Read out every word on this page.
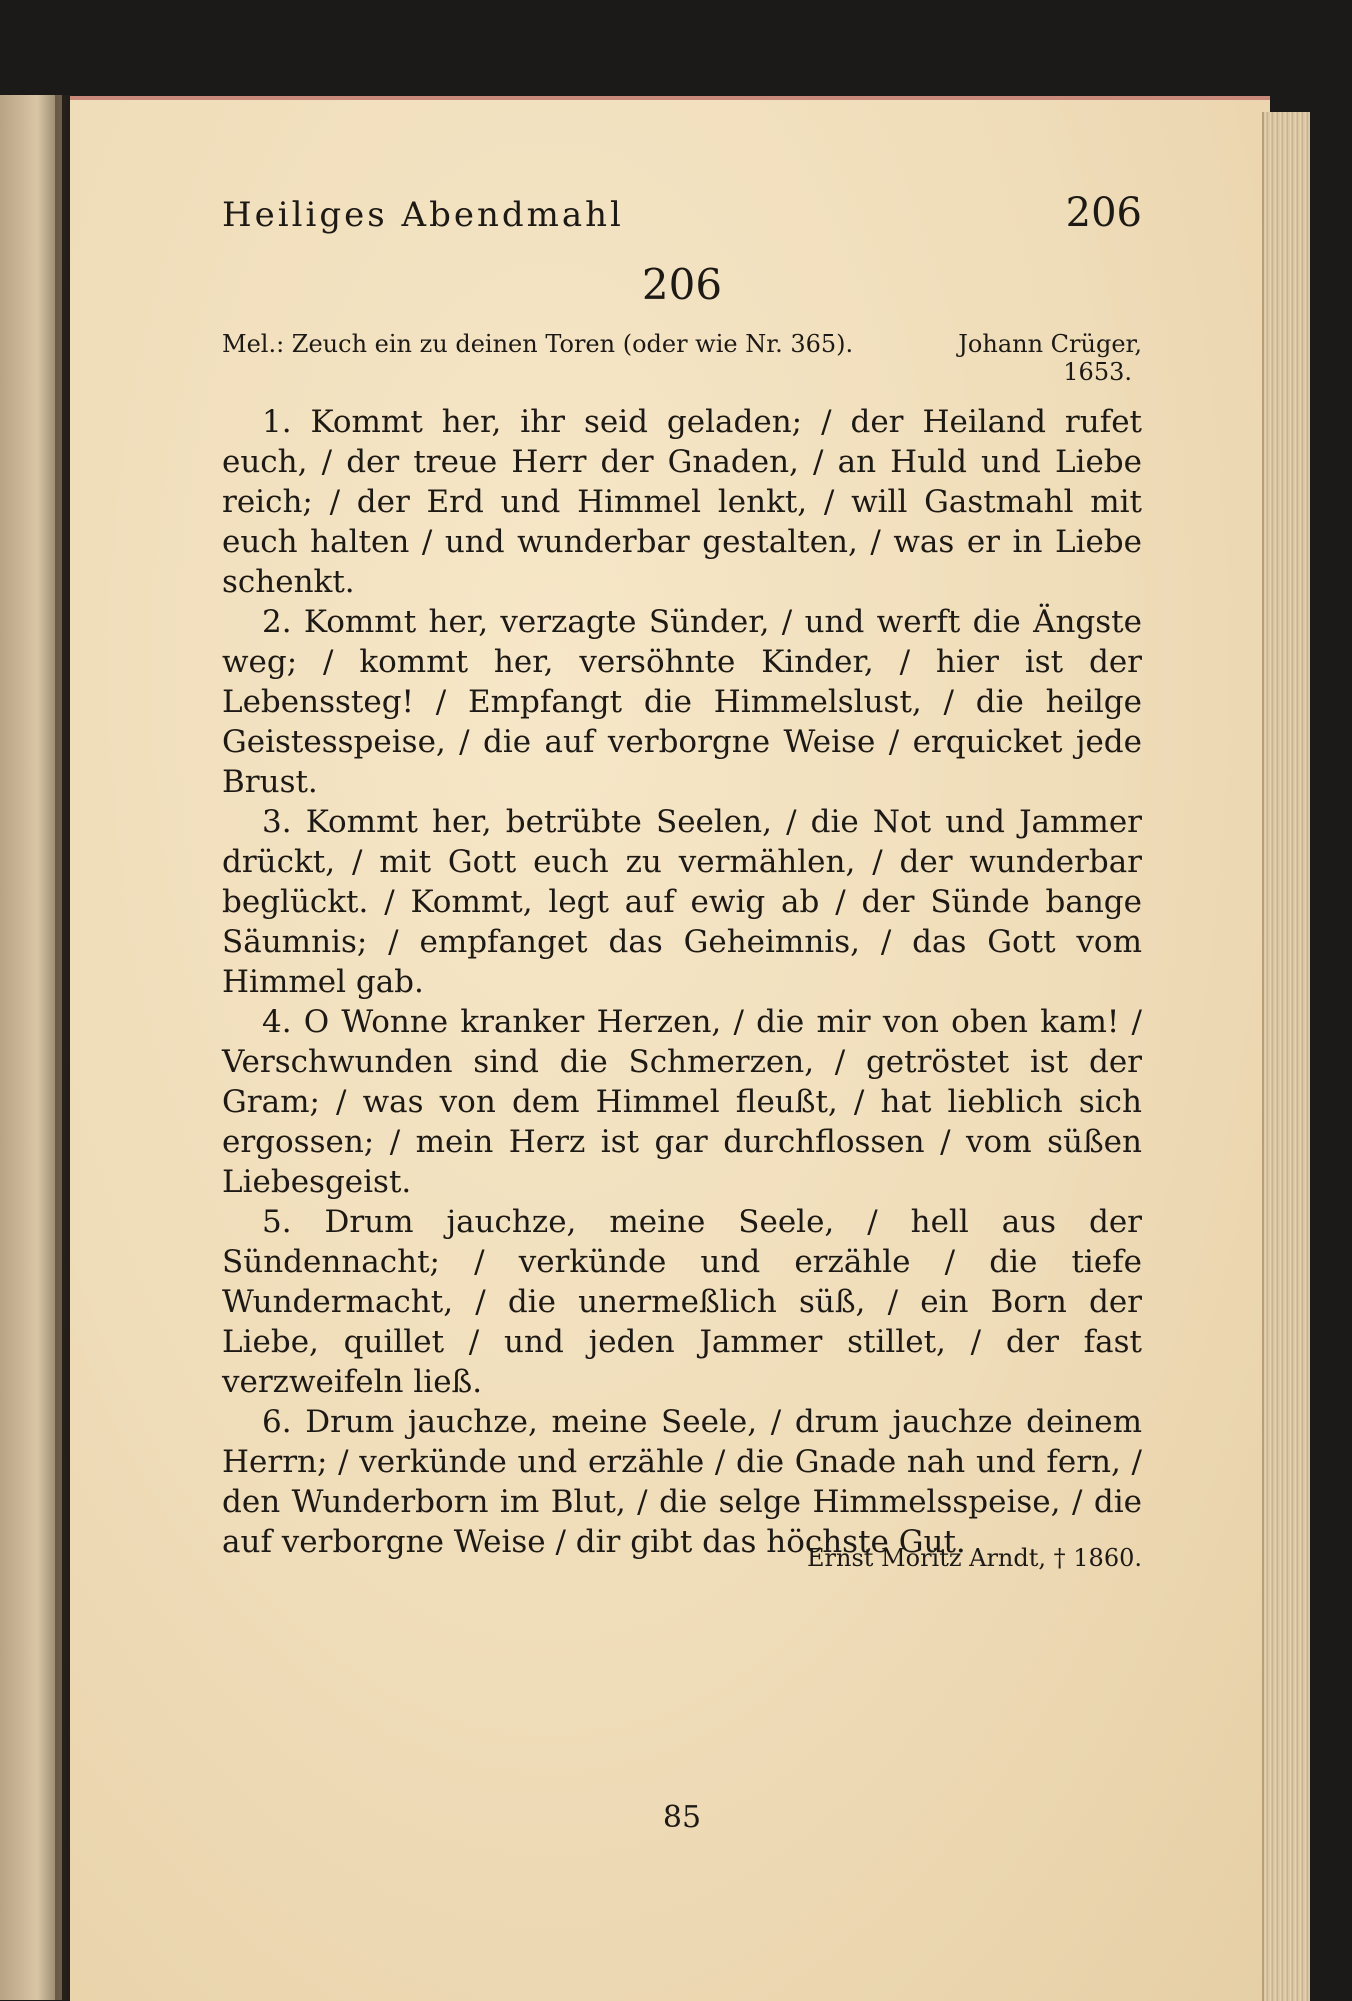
Heiliges Abendmahl	206
206
Mel.: Zeuch ein zu deinen Toren (oder wie Nr. 365).	Johann Crüger,
1653.

1. Kommt her, ihr seid geladen; / der Heiland rufet euch, / der treue Herr der Gnaden, / an Huld und Liebe reich; / der Erd und Himmel lenkt, / will Gastmahl mit euch halten / und wunderbar gestalten, / was er in Liebe schenkt.

2. Kommt her, verzagte Sünder, / und werft die Ängste weg; / kommt her, versöhnte Kinder, / hier ist der Lebenssteg! / Empfangt die Himmelslust, / die heilge Geistesspeise, / die auf verborgne Weise / erquicket jede Brust.

3. Kommt her, betrübte Seelen, / die Not und Jammer drückt, / mit Gott euch zu vermählen, / der wunderbar beglückt. / Kommt, legt auf ewig ab / der Sünde bange Säumnis; / empfanget das Geheimnis, / das Gott vom Himmel gab.

4. O Wonne kranker Herzen, / die mir von oben kam! / Verschwunden sind die Schmerzen, / getröstet ist der Gram; / was von dem Himmel fleußt, / hat lieblich sich ergossen; / mein Herz ist gar durchflossen / vom süßen Liebesgeist.

5. Drum jauchze, meine Seele, / hell aus der Sündennacht; / verkünde und erzähle / die tiefe Wundermacht, / die unermeßlich süß, / ein Born der Liebe, quillet / und jeden Jammer stillet, / der fast verzweifeln ließ.

6. Drum jauchze, meine Seele, / drum jauchze deinem Herrn; / verkünde und erzähle / die Gnade nah und fern, / den Wunderborn im Blut, / die selge Himmelsspeise, / die auf verborgne Weise / dir gibt das höchste Gut.

Ernst Moritz Arndt, † 1860.
85
